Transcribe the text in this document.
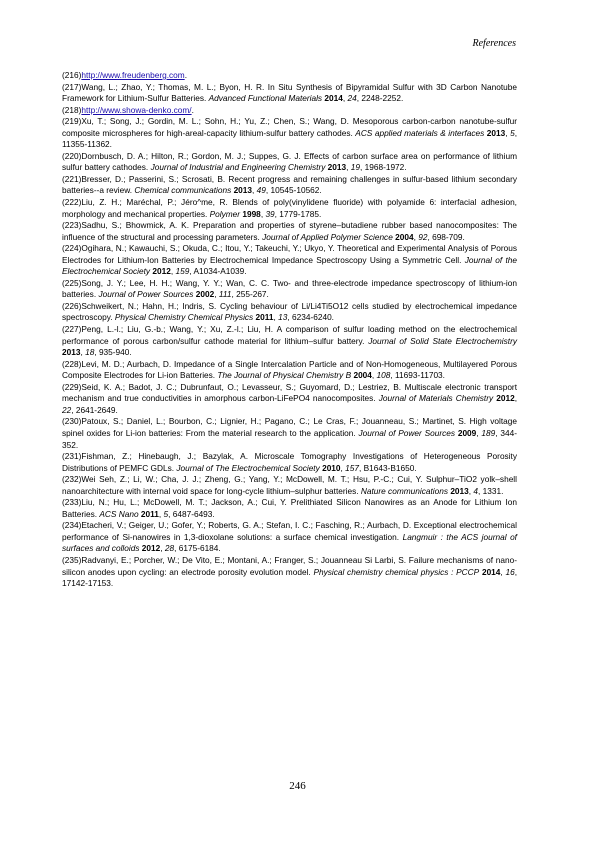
References

(216)http://www.freudenberg.com.

(217)Wang, L.; Zhao, Y.; Thomas, M. L.; Byon, H. R. In Situ Synthesis of Bipyramidal Sulfur with 3D Carbon Nanotube Framework for Lithium-Sulfur Batteries. Advanced Functional Materials 2014, 24, 2248-2252.

(218)http://www.showa-denko.com/.

(219)Xu, T.; Song, J.; Gordin, M. L.; Sohn, H.; Yu, Z.; Chen, S.; Wang, D. Mesoporous carbon-carbon nanotube-sulfur composite microspheres for high-areal-capacity lithium-sulfur battery cathodes. ACS applied materials & interfaces 2013, 5, 11355-11362.

(220)Dornbusch, D. A.; Hilton, R.; Gordon, M. J.; Suppes, G. J. Effects of carbon surface area on performance of lithium sulfur battery cathodes. Journal of Industrial and Engineering Chemistry 2013, 19, 1968-1972.

(221)Bresser, D.; Passerini, S.; Scrosati, B. Recent progress and remaining challenges in sulfur-based lithium secondary batteries--a review. Chemical communications 2013, 49, 10545-10562.

(222)Liu, Z. H.; Maréchal, P.; Jéro^me, R. Blends of poly(vinylidene fluoride) with polyamide 6: interfacial adhesion, morphology and mechanical properties. Polymer 1998, 39, 1779-1785.

(223)Sadhu, S.; Bhowmick, A. K. Preparation and properties of styrene–butadiene rubber based nanocomposites: The influence of the structural and processing parameters. Journal of Applied Polymer Science 2004, 92, 698-709.

(224)Ogihara, N.; Kawauchi, S.; Okuda, C.; Itou, Y.; Takeuchi, Y.; Ukyo, Y. Theoretical and Experimental Analysis of Porous Electrodes for Lithium-Ion Batteries by Electrochemical Impedance Spectroscopy Using a Symmetric Cell. Journal of the Electrochemical Society 2012, 159, A1034-A1039.

(225)Song, J. Y.; Lee, H. H.; Wang, Y. Y.; Wan, C. C. Two- and three-electrode impedance spectroscopy of lithium-ion batteries. Journal of Power Sources 2002, 111, 255-267.

(226)Schweikert, N.; Hahn, H.; Indris, S. Cycling behaviour of Li/Li4Ti5O12 cells studied by electrochemical impedance spectroscopy. Physical Chemistry Chemical Physics 2011, 13, 6234-6240.

(227)Peng, L.-l.; Liu, G.-b.; Wang, Y.; Xu, Z.-l.; Liu, H. A comparison of sulfur loading method on the electrochemical performance of porous carbon/sulfur cathode material for lithium–sulfur battery. Journal of Solid State Electrochemistry 2013, 18, 935-940.

(228)Levi, M. D.; Aurbach, D. Impedance of a Single Intercalation Particle and of Non-Homogeneous, Multilayered Porous Composite Electrodes for Li-ion Batteries. The Journal of Physical Chemistry B 2004, 108, 11693-11703.

(229)Seid, K. A.; Badot, J. C.; Dubrunfaut, O.; Levasseur, S.; Guyomard, D.; Lestriez, B. Multiscale electronic transport mechanism and true conductivities in amorphous carbon-LiFePO4 nanocomposites. Journal of Materials Chemistry 2012, 22, 2641-2649.

(230)Patoux, S.; Daniel, L.; Bourbon, C.; Lignier, H.; Pagano, C.; Le Cras, F.; Jouanneau, S.; Martinet, S. High voltage spinel oxides for Li-ion batteries: From the material research to the application. Journal of Power Sources 2009, 189, 344-352.

(231)Fishman, Z.; Hinebaugh, J.; Bazylak, A. Microscale Tomography Investigations of Heterogeneous Porosity Distributions of PEMFC GDLs. Journal of The Electrochemical Society 2010, 157, B1643-B1650.

(232)Wei Seh, Z.; Li, W.; Cha, J. J.; Zheng, G.; Yang, Y.; McDowell, M. T.; Hsu, P.-C.; Cui, Y. Sulphur–TiO2 yolk–shell nanoarchitecture with internal void space for long-cycle lithium–sulphur batteries. Nature communications 2013, 4, 1331.

(233)Liu, N.; Hu, L.; McDowell, M. T.; Jackson, A.; Cui, Y. Prelithiated Silicon Nanowires as an Anode for Lithium Ion Batteries. ACS Nano 2011, 5, 6487-6493.

(234)Etacheri, V.; Geiger, U.; Gofer, Y.; Roberts, G. A.; Stefan, I. C.; Fasching, R.; Aurbach, D. Exceptional electrochemical performance of Si-nanowires in 1,3-dioxolane solutions: a surface chemical investigation. Langmuir : the ACS journal of surfaces and colloids 2012, 28, 6175-6184.

(235)Radvanyi, E.; Porcher, W.; De Vito, E.; Montani, A.; Franger, S.; Jouanneau Si Larbi, S. Failure mechanisms of nano-silicon anodes upon cycling: an electrode porosity evolution model. Physical chemistry chemical physics : PCCP 2014, 16, 17142-17153.

246
